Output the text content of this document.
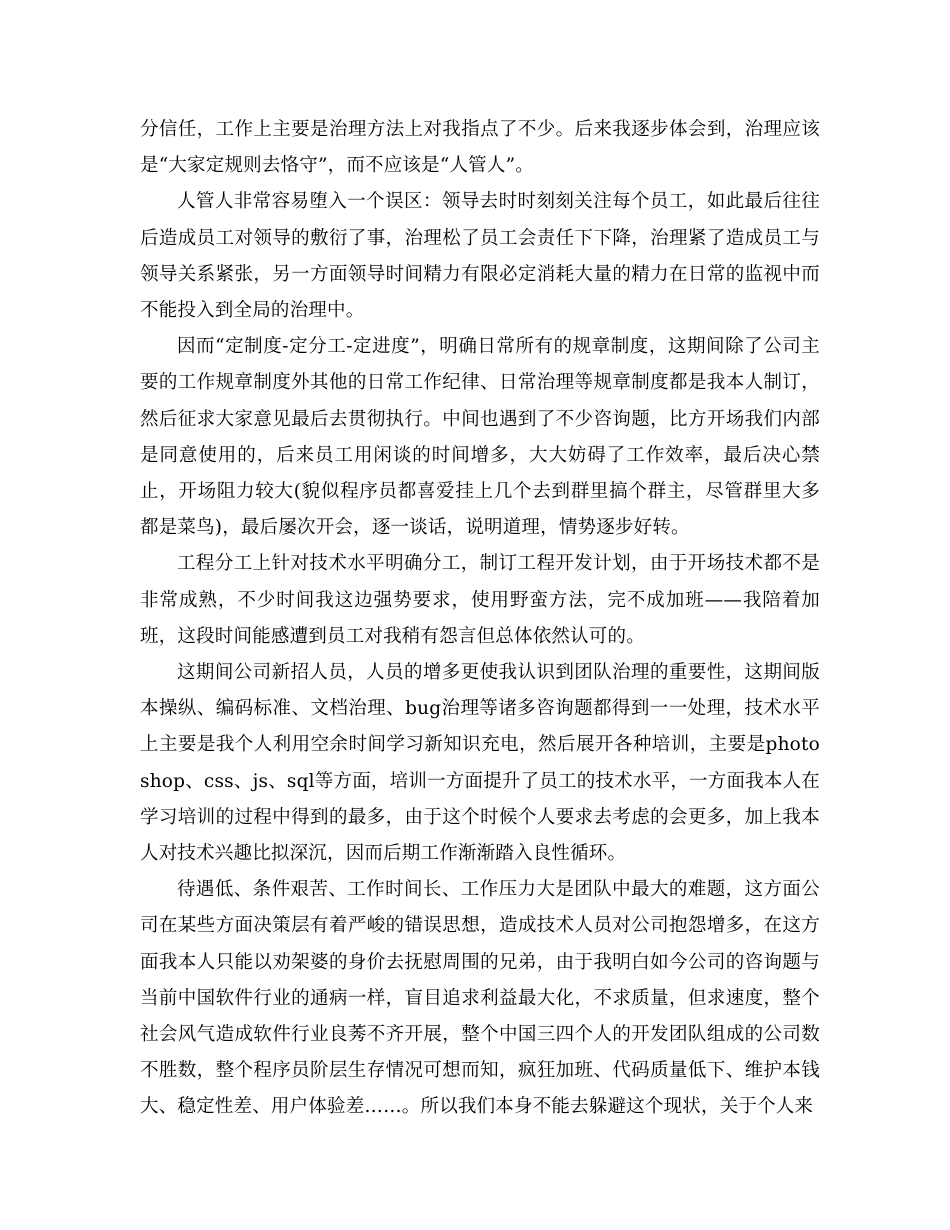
分信任，工作上主要是治理方法上对我指点了不少。后来我逐步体会到，治理应该是“大家定规则去恪守”，而不应该是“人管人”。

人管人非常容易堕入一个误区：领导去时时刻刻关注每个员工，如此最后往往后造成员工对领导的敷衍了事，治理松了员工会责任下下降，治理紧了造成员工与领导关系紧张，另一方面领导时间精力有限必定消耗大量的精力在日常的监视中而不能投入到全局的治理中。

因而“定制度-定分工-定进度”，明确日常所有的规章制度，这期间除了公司主要的工作规章制度外其他的日常工作纪律、日常治理等规章制度都是我本人制订，然后征求大家意见最后去贯彻执行。中间也遇到了不少咨询题，比方开场我们内部是同意使用的，后来员工用闲谈的时间增多，大大妨碍了工作效率，最后决心禁止，开场阻力较大(貌似程序员都喜爱挂上几个去到群里搞个群主，尽管群里大多都是菜鸟)，最后屡次开会，逐一谈话，说明道理，情势逐步好转。

工程分工上针对技术水平明确分工，制订工程开发计划，由于开场技术都不是非常成熟，不少时间我这边强势要求，使用野蛮方法，完不成加班——我陪着加班，这段时间能感遭到员工对我稍有怨言但总体依然认可的。

这期间公司新招人员，人员的增多更使我认识到团队治理的重要性，这期间版本操纵、编码标准、文档治理、bug治理等诸多咨询题都得到一一处理，技术水平上主要是我个人利用空余时间学习新知识充电，然后展开各种培训，主要是photoshop、css、js、sql等方面，培训一方面提升了员工的技术水平，一方面我本人在学习培训的过程中得到的最多，由于这个时候个人要求去考虑的会更多，加上我本人对技术兴趣比拟深沉，因而后期工作渐渐踏入良性循环。

待遇低、条件艰苦、工作时间长、工作压力大是团队中最大的难题，这方面公司在某些方面决策层有着严峻的错误思想，造成技术人员对公司抱怨增多，在这方面我本人只能以劝架婆的身价去抚慰周围的兄弟，由于我明白如今公司的咨询题与当前中国软件行业的通病一样，盲目追求利益最大化，不求质量，但求速度，整个社会风气造成软件行业良莠不齐开展，整个中国三四个人的开发团队组成的公司数不胜数，整个程序员阶层生存情况可想而知，疯狂加班、代码质量低下、维护本钱大、稳定性差、用户体验差……。所以我们本身不能去躲避这个现状，关于个人来
